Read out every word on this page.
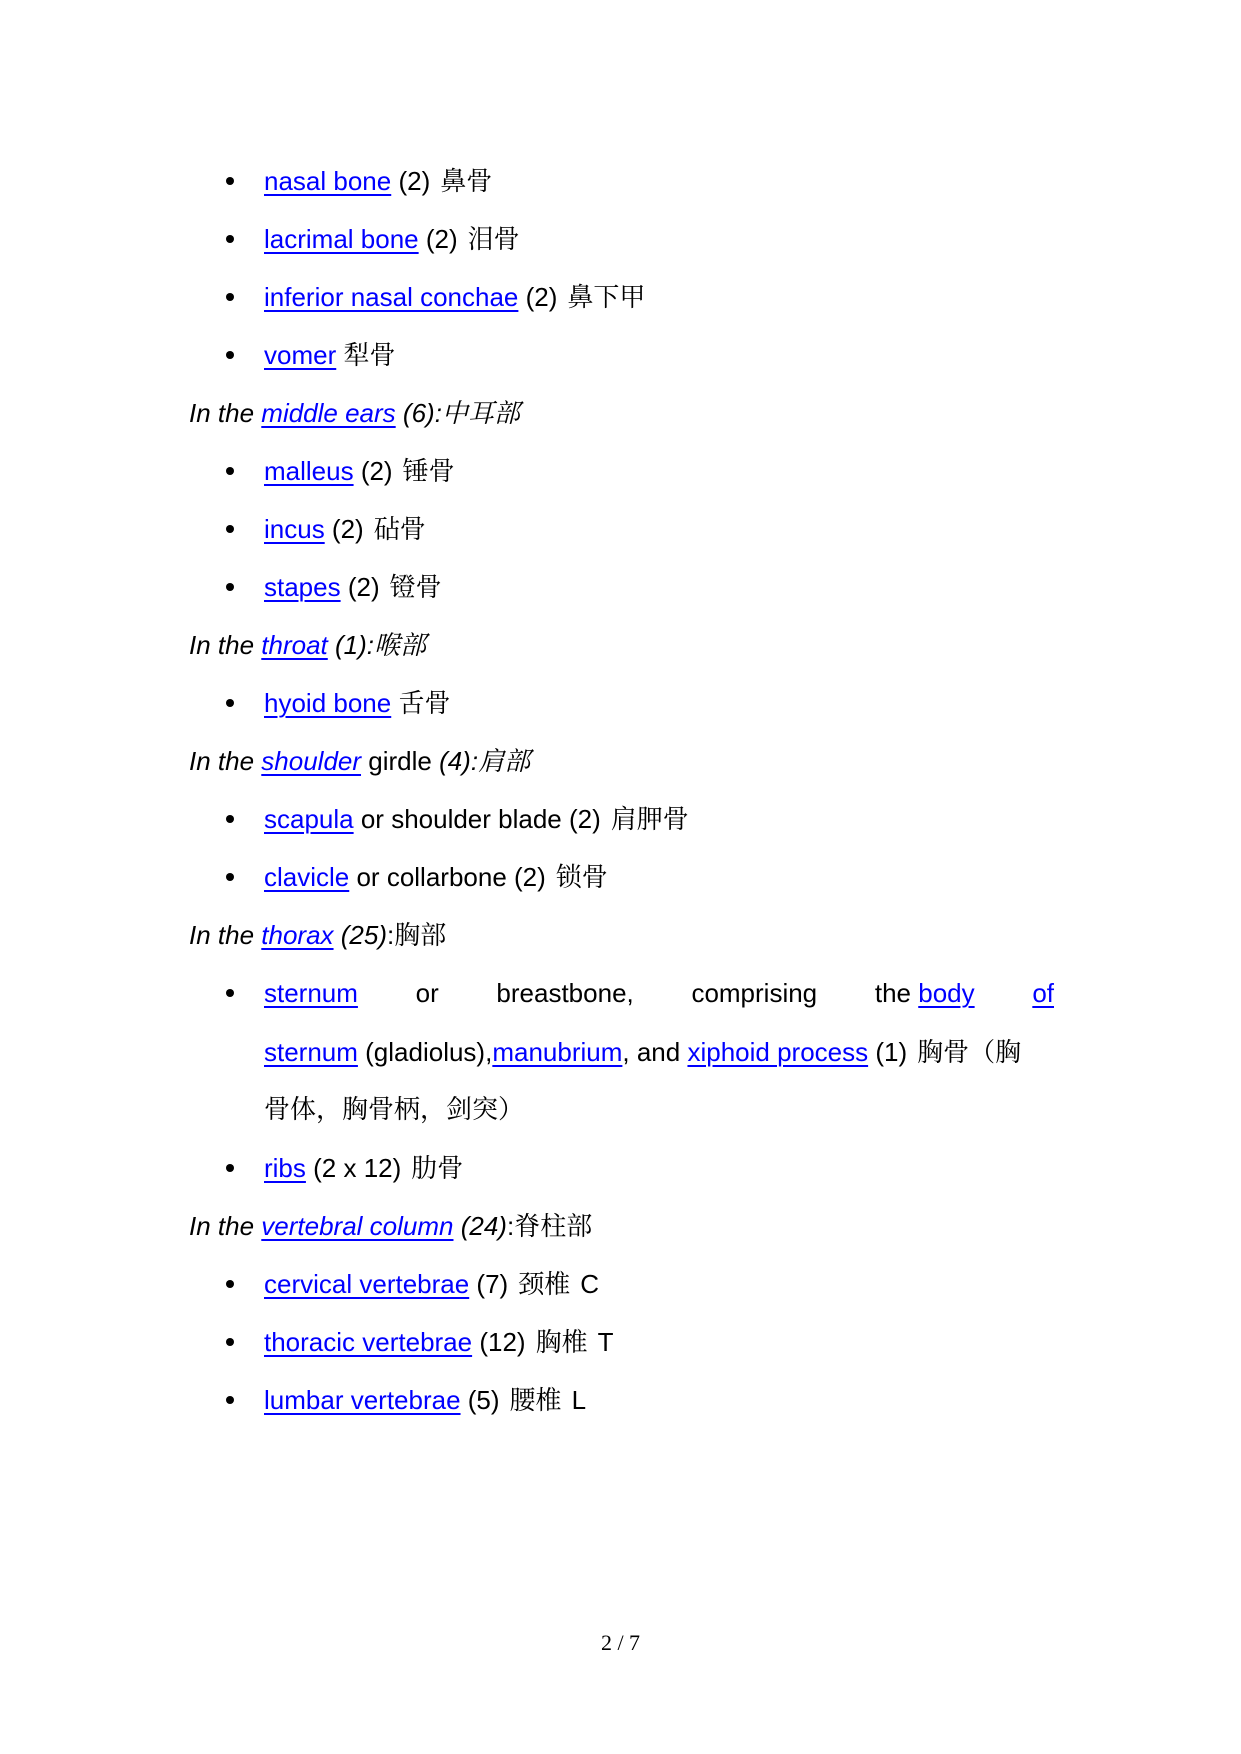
nasal bone (2) 鼻骨
lacrimal bone (2) 泪骨
inferior nasal conchae (2) 鼻下甲
vomer 犁骨
In the middle ears (6):中耳部
malleus (2) 锤骨
incus (2) 砧骨
stapes (2) 镫骨
In the throat (1):喉部
hyoid bone 舌骨
In the shoulder girdle (4):肩部
scapula or shoulder blade (2) 肩胛骨
clavicle or collarbone (2) 锁骨
In the thorax (25):胸部
sternum or breastbone, comprising the body of
sternum (gladiolus),manubrium, and xiphoid process (1) 胸骨（胸
骨体，胸骨柄，剑突）
ribs (2 x 12) 肋骨
In the vertebral column (24):脊柱部
cervical vertebrae (7) 颈椎 C
thoracic vertebrae (12) 胸椎 T
lumbar vertebrae (5) 腰椎 L
2 / 7
